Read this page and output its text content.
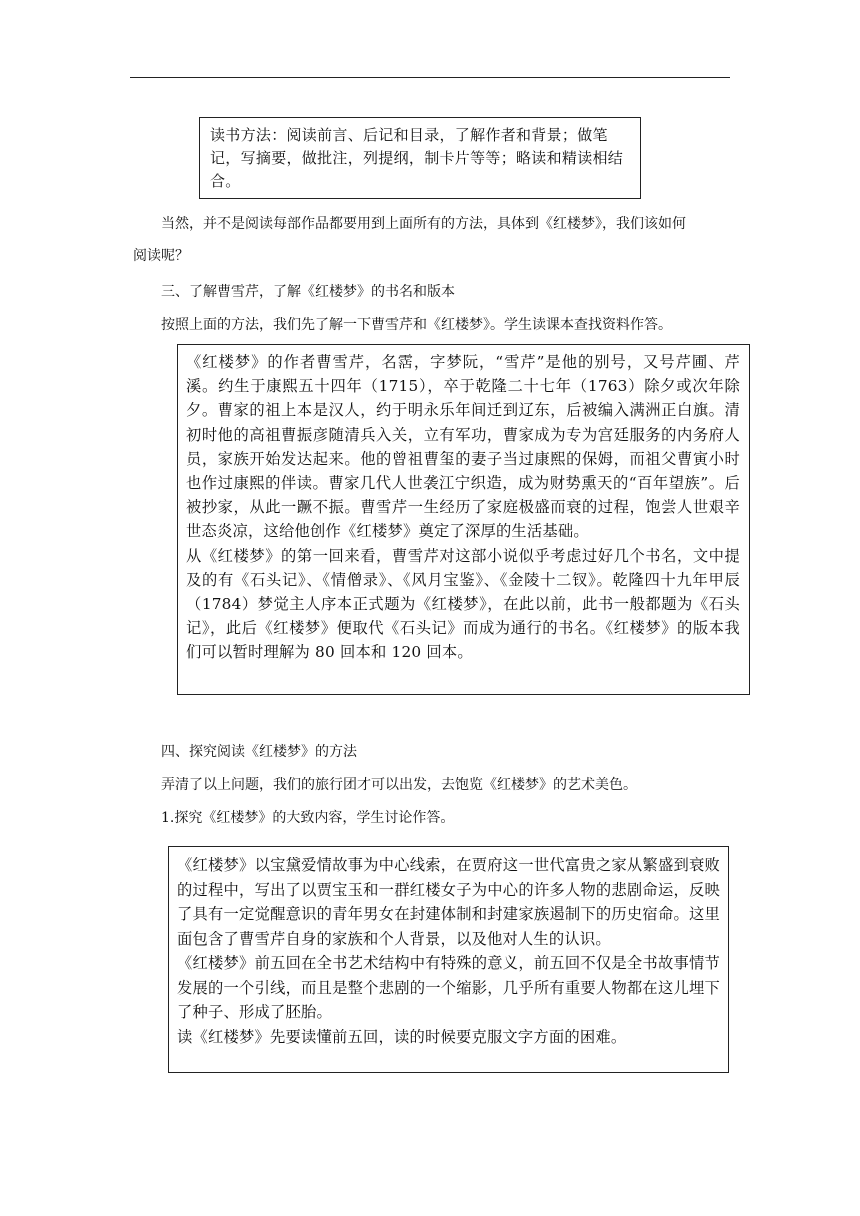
读书方法：阅读前言、后记和目录，了解作者和背景；做笔记，写摘要，做批注，列提纲，制卡片等等；略读和精读相结合。

当然，并不是阅读每部作品都要用到上面所有的方法，具体到《红楼梦》，我们该如何

阅读呢？

三、了解曹雪芹，了解《红楼梦》的书名和版本

按照上面的方法，我们先了解一下曹雪芹和《红楼梦》。学生读课本查找资料作答。

《红楼梦》的作者曹雪芹，名霑，字梦阮，“雪芹”是他的别号，又号芹圃、芹溪。约生于康熙五十四年（1715），卒于乾隆二十七年（1763）除夕或次年除夕。曹家的祖上本是汉人，约于明永乐年间迁到辽东，后被编入满洲正白旗。清初时他的高祖曹振彦随清兵入关，立有军功，曹家成为专为宫廷服务的内务府人员，家族开始发达起来。他的曾祖曹玺的妻子当过康熙的保姆，而祖父曹寅小时也作过康熙的伴读。曹家几代人世袭江宁织造，成为财势熏天的“百年望族”。后被抄家，从此一蹶不振。曹雪芹一生经历了家庭极盛而衰的过程，饱尝人世艰辛世态炎凉，这给他创作《红楼梦》奠定了深厚的生活基础。

从《红楼梦》的第一回来看，曹雪芹对这部小说似乎考虑过好几个书名，文中提及的有《石头记》、《情僧录》、《风月宝鉴》、《金陵十二钗》。乾隆四十九年甲辰（1784）梦觉主人序本正式题为《红楼梦》，在此以前，此书一般都题为《石头记》，此后《红楼梦》便取代《石头记》而成为通行的书名。《红楼梦》的版本我们可以暂时理解为 80 回本和 120 回本。

四、探究阅读《红楼梦》的方法

弄清了以上问题，我们的旅行团才可以出发，去饱览《红楼梦》的艺术美色。

1.探究《红楼梦》的大致内容，学生讨论作答。

《红楼梦》以宝黛爱情故事为中心线索，在贾府这一世代富贵之家从繁盛到衰败的过程中，写出了以贾宝玉和一群红楼女子为中心的许多人物的悲剧命运，反映了具有一定觉醒意识的青年男女在封建体制和封建家族遏制下的历史宿命。这里面包含了曹雪芹自身的家族和个人背景，以及他对人生的认识。

《红楼梦》前五回在全书艺术结构中有特殊的意义，前五回不仅是全书故事情节发展的一个引线，而且是整个悲剧的一个缩影，几乎所有重要人物都在这儿埋下了种子、形成了胚胎。

读《红楼梦》先要读懂前五回，读的时候要克服文字方面的困难。
